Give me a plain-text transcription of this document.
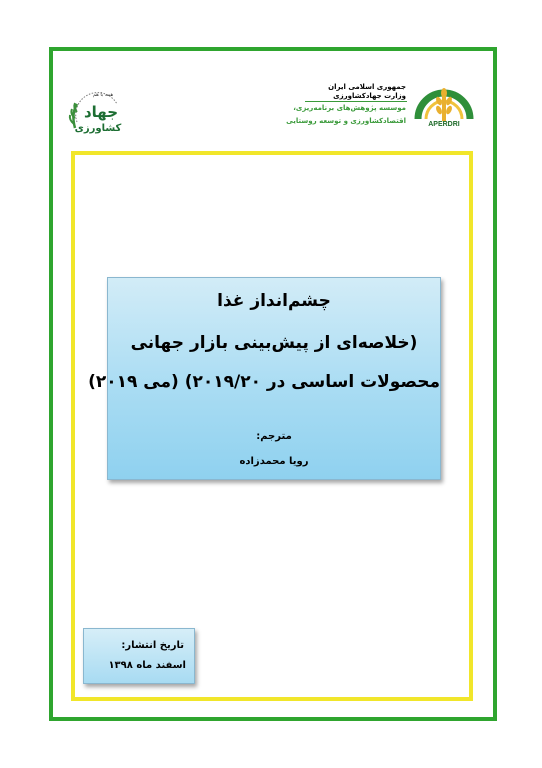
جهاد
کشاورزی
همه با هم
APERDRI
جمهوری اسلامی ایران
وزارت جهادکشاورزی
موسسه پژوهش‌های برنامه‌ریزی،
اقتصادکشاورزی و توسعه روستایی
چشم‌انداز غذا
(خلاصه‌ای از پیش‌بینی بازار جهانی
محصولات اساسی در ۲۰۱۹/۲۰) (می ۲۰۱۹)
مترجم:
رویا محمدزاده
تاریخ انتشار:
اسفند ماه ۱۳۹۸
